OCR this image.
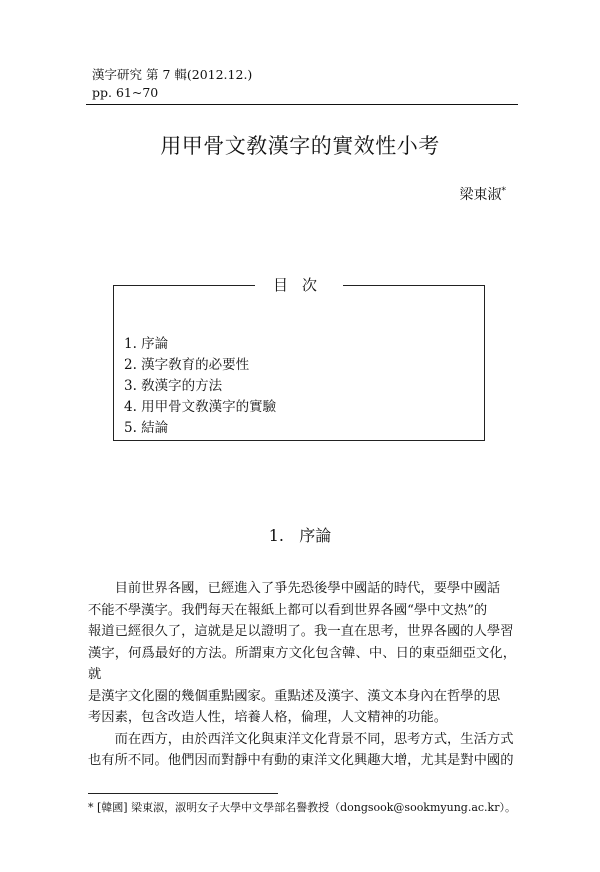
漢字研究 第 7 輯(2012.12.)
pp. 61~70
用甲骨文敎漢字的實效性小考
梁東淑*
目次
1. 序論
2. 漢字敎育的必要性
3. 敎漢字的方法
4. 用甲骨文敎漢字的實驗
5. 結論
1. 序論

目前世界各國，已經進入了爭先恐後學中國話的時代，要學中國話
不能不學漢字。我們每天在報紙上都可以看到世界各國“學中文热”的
報道已經很久了，這就是足以證明了。我一直在思考，世界各國的人學習
漢字，何爲最好的方法。所謂東方文化包含韓、中、日的東亞細亞文化，就
是漢字文化圈的幾個重點國家。重點述及漢字、漢文本身內在哲學的思
考因素，包含改造人性，培養人格，倫理，人文精神的功能。

而在西方，由於西洋文化與東洋文化背景不同，思考方式，生活方式
也有所不同。他們因而對靜中有動的東洋文化興趣大增，尤其是對中國的

* [韓國] 梁東淑，淑明女子大學中文學部名譽教授（dongsook@sookmyung.ac.kr）。
